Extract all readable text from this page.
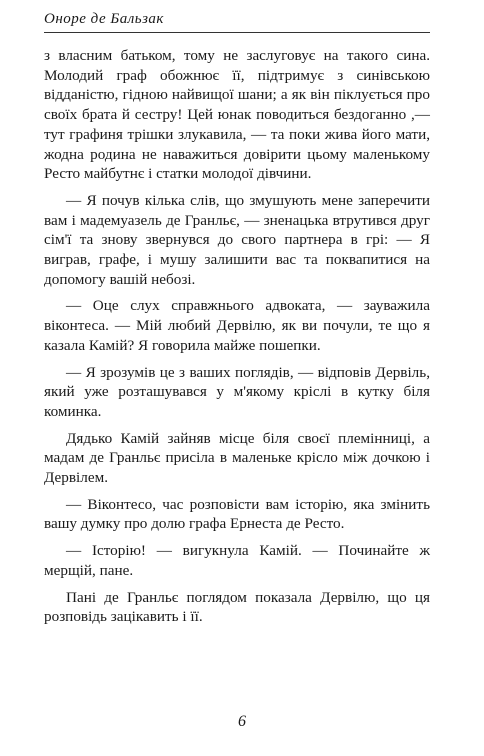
Оноре де Бальзак

з власним батьком, тому не заслуговує на такого сина. Молодий граф обожнює її, підтримує з синівською відданістю, гідною найвищої шани; а як він піклується про своїх брата й сестру! Цей юнак поводиться бездоганно ,— тут графиня трішки злукавила, — та поки жива його мати, жодна родина не наважиться довірити цьому маленькому Ресто майбутнє і статки молодої дівчини.

— Я почув кілька слів, що змушують мене заперечити вам і мадемуазель де Гранльє, — зненацька втрутився друг сім'ї та знову звернувся до свого партнера в грі: — Я виграв, графе, і мушу залишити вас та поквапитися на допомогу вашій небозі.

— Оце слух справжнього адвоката, — зауважила віконтеса. — Мій любий Дервілю, як ви почули, те що я казала Камій? Я говорила майже пошепки.

— Я зрозумів це з ваших поглядів, — відповів Дервіль, який уже розташувався у м'якому кріслі в кутку біля коминка.

Дядько Камій зайняв місце біля своєї племінниці, а мадам де Гранльє присіла в маленьке крісло між дочкою і Дервілем.

— Віконтесо, час розповісти вам історію, яка змінить вашу думку про долю графа Ернеста де Ресто.

— Історію! — вигукнула Камій. — Починайте ж мерщій, пане.

Пані де Гранльє поглядом показала Дервілю, що ця розповідь зацікавить і її.

6
